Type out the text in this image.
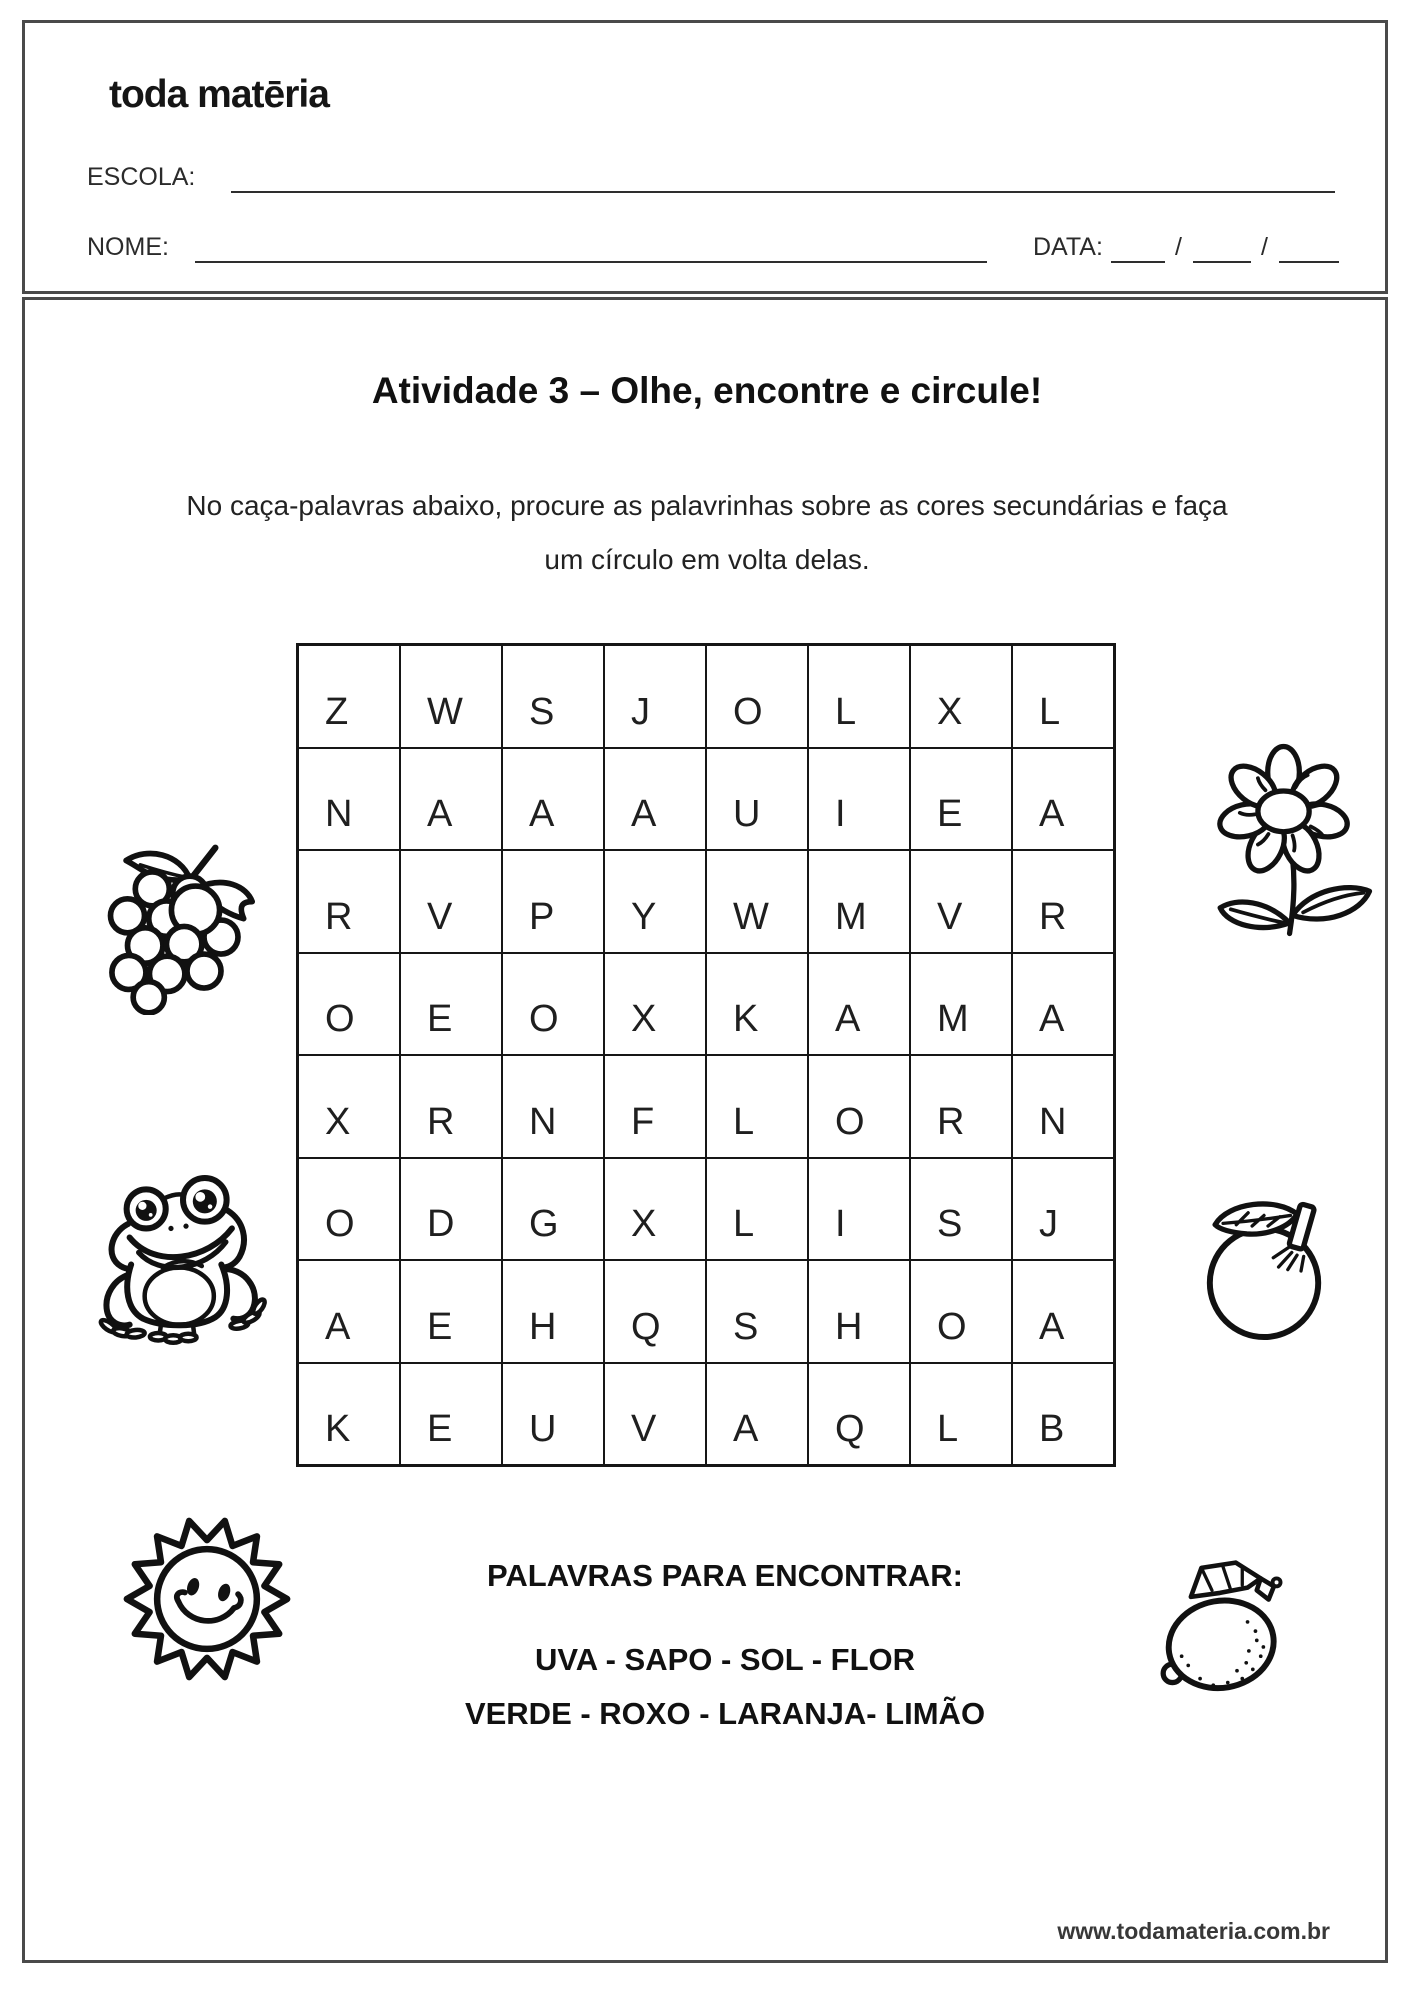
toda matēria
ESCOLA:
NOME:	DATA:	/	/
Atividade 3 – Olhe, encontre e circule!
No caça-palavras abaixo, procure as palavrinhas sobre as cores secundárias e faça
um círculo em volta delas.
Z	W	S	J	O	L	X	L
N	A	A	A	U	I	E	A
R	V	P	Y	W	M	V	R
O	E	O	X	K	A	M	A
X	R	N	F	L	O	R	N
O	D	G	X	L	I	S	J
A	E	H	Q	S	H	O	A
K	E	U	V	A	Q	L	B
PALAVRAS PARA ENCONTRAR:
UVA - SAPO - SOL - FLOR
VERDE - ROXO - LARANJA- LIMÃO
www.todamateria.com.br
